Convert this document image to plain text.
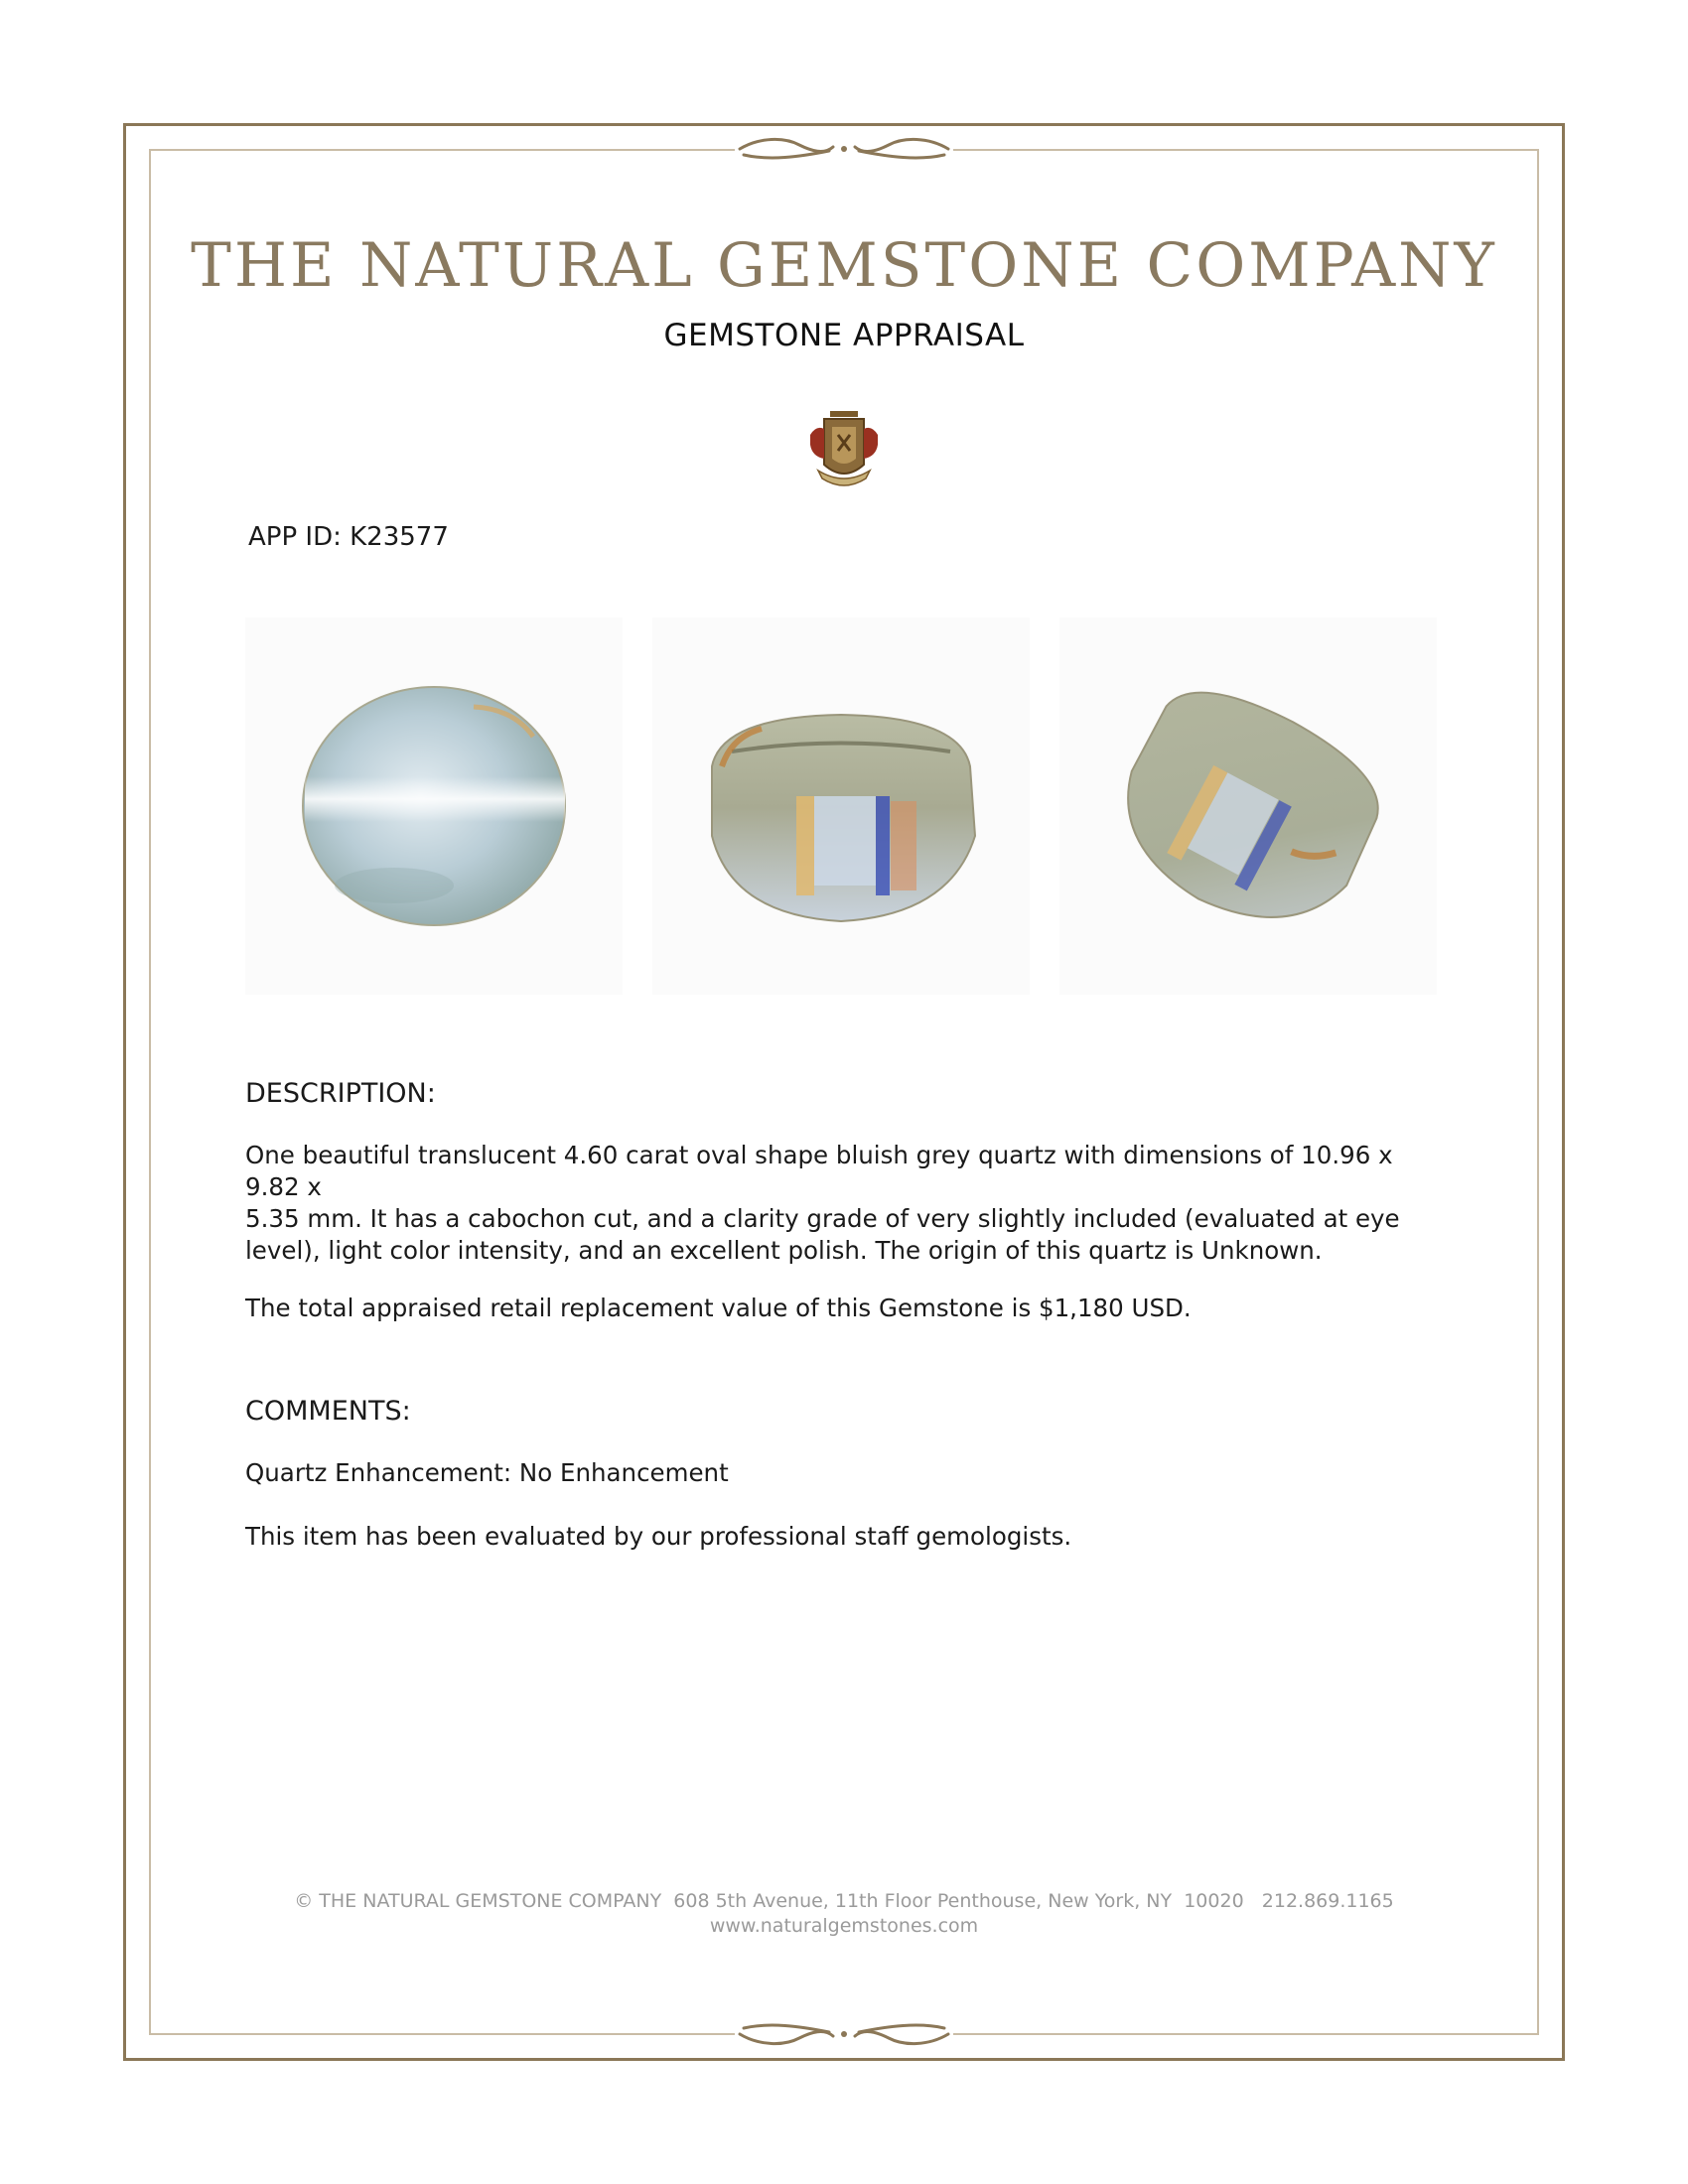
THE NATURAL GEMSTONE COMPANY
GEMSTONE APPRAISAL
APP ID: K23577
DESCRIPTION:
One beautiful translucent 4.60 carat oval shape bluish grey quartz with dimensions of 10.96 x 9.82 x
5.35 mm. It has a cabochon cut, and a clarity grade of very slightly included (evaluated at eye
level), light color intensity, and an excellent polish. The origin of this quartz is Unknown.
The total appraised retail replacement value of this Gemstone is $1,180 USD.
COMMENTS:
Quartz Enhancement: No Enhancement
This item has been evaluated by our professional staff gemologists.
© THE NATURAL GEMSTONE COMPANY  608 5th Avenue, 11th Floor Penthouse, New York, NY  10020   212.869.1165
www.naturalgemstones.com
